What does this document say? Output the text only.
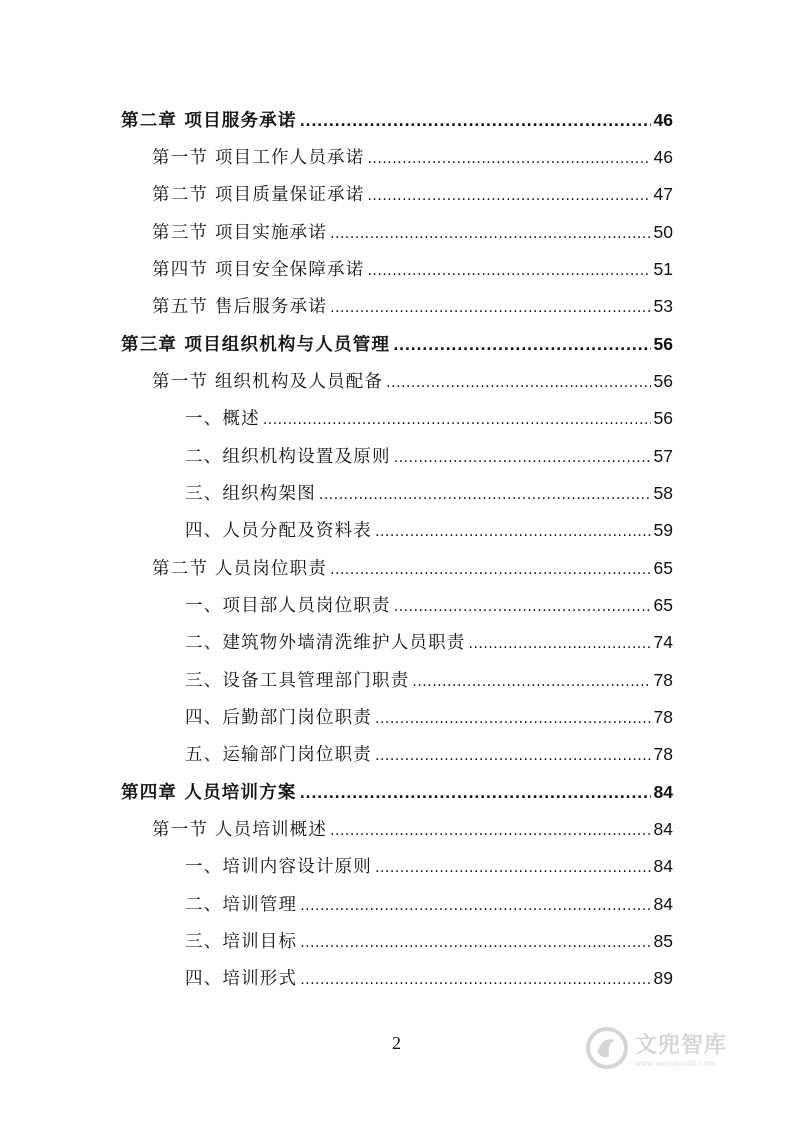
第二章 项目服务承诺 .....	46
第一节 项目工作人员承诺 .....	46
第二节 项目质量保证承诺 .....	47
第三节 项目实施承诺 .....	50
第四节 项目安全保障承诺 .....	51
第五节 售后服务承诺 .....	53
第三章 项目组织机构与人员管理 .....	56
第一节 组织机构及人员配备 .....	56
一、概述 .....	56
二、组织机构设置及原则 .....	57
三、组织构架图 .....	58
四、人员分配及资料表 .....	59
第二节 人员岗位职责 .....	65
一、项目部人员岗位职责 .....	65
二、建筑物外墙清洗维护人员职责 .....	74
三、设备工具管理部门职责 .....	78
四、后勤部门岗位职责 .....	78
五、运输部门岗位职责 .....	78
第四章 人员培训方案 .....	84
第一节 人员培训概述 .....	84
一、培训内容设计原则 .....	84
二、培训管理 .....	84
三、培训目标 .....	85
四、培训形式 .....	89
2	文兜智库
www.wendoulib.com
